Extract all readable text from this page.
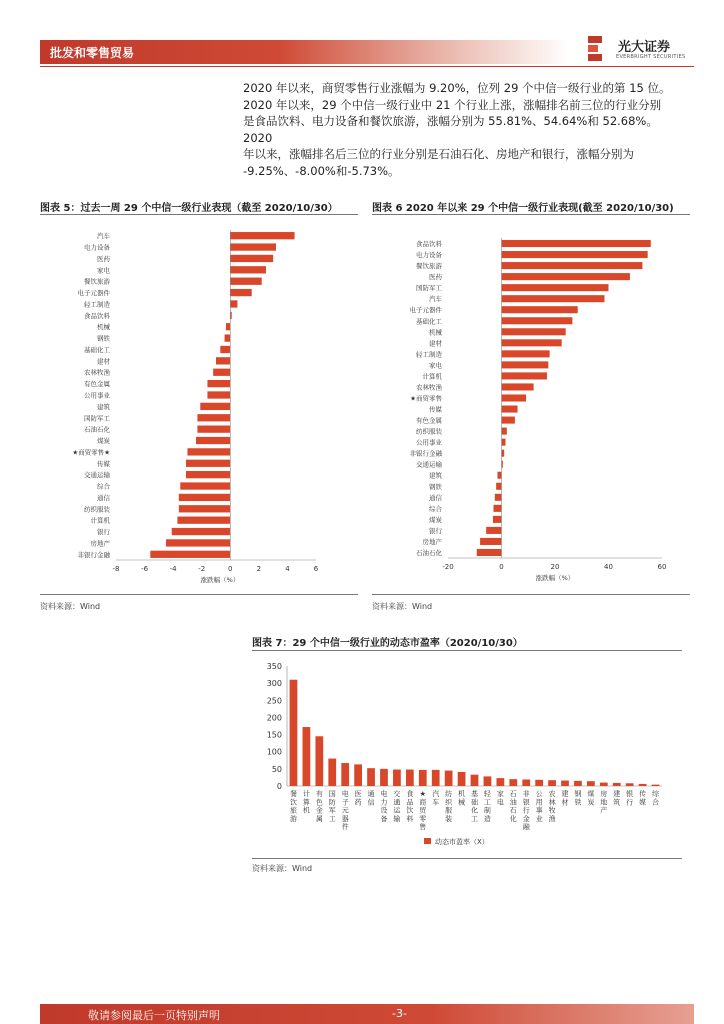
批发和零售贸易	光大证券
EVERBRIGHT SECURITIES

2020 年以来，商贸零售行业涨幅为 9.20%，位列 29 个中信一级行业的第 15 位。

2020 年以来，29 个中信一级行业中 21 个行业上涨，涨幅排名前三位的行业分别

是食品饮料、电力设备和餐饮旅游，涨幅分别为 55.81%、54.64%和 52.68%。2020

年以来，涨幅排名后三位的行业分别是石油石化、房地产和银行，涨幅分别为

-9.25%、-8.00%和-5.73%。

图表 5：过去一周 29 个中信一级行业表现（截至 2020/10/30）
汽车
电力设备
医药
家电
餐饮旅游
电子元器件
轻工制造
食品饮料
机械
钢铁
基础化工
建材
农林牧渔
有色金属
公用事业
建筑
国防军工
石油石化
煤炭
★商贸零售★
传媒
交通运输
综合
通信
纺织服装
计算机
银行
房地产
非银行金融
-8	-6	-4	-2	0	2	4	6
涨跌幅（%）
资料来源：Wind
图表 6 2020 年以来 29 个中信一级行业表现(截至 2020/10/30)
食品饮料
电力设备
餐饮旅游
医药
国防军工
汽车
电子元器件
基础化工
机械
建材
轻工制造
家电
计算机
农林牧渔
★商贸零售
传媒
有色金属
纺织服装
公用事业
非银行金融
交通运输
建筑
钢铁
通信
综合
煤炭
银行
房地产
石油石化
-20	0	20	40	60
涨跌幅（%）
资料来源：Wind
图表 7：29 个中信一级行业的动态市盈率（2020/10/30）
0
50
100
150
200
250
300
350
餐饮旅游
计算机
有色金属
国防军工
电子元器件
医药
通信
电力设备
交通运输
食品饮料
★商贸零售
汽车
纺织服装
机械
基础化工
轻工制造
家电
石油石化
非银行金融
公用事业
农林牧渔
建材
钢铁
煤炭
房地产
建筑
银行
传媒
综合
动态市盈率（X）
资料来源：Wind
敬请参阅最后一页特别声明	-3-
